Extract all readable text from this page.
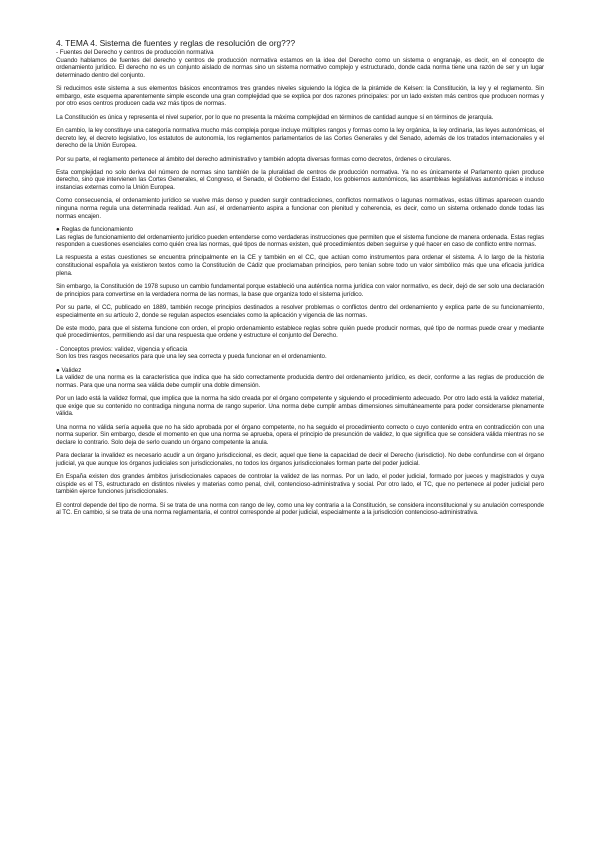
4. TEMA 4. Sistema de fuentes y reglas de resolución de org???

- Fuentes del Derecho y centros de producción normativa

Cuando hablamos de fuentes del derecho y centros de producción normativa estamos en la idea del Derecho como un sistema o engranaje, es decir, en el concepto de ordenamiento jurídico. El derecho no es un conjunto aislado de normas sino un sistema normativo complejo y estructurado, donde cada norma tiene una razón de ser y un lugar determinado dentro del conjunto.

Si reducimos este sistema a sus elementos básicos encontramos tres grandes niveles siguiendo la lógica de la pirámide de Kelsen: la Constitución, la ley y el reglamento. Sin embargo, este esquema aparentemente simple esconde una gran complejidad que se explica por dos razones principales: por un lado existen más centros que producen normas y por otro esos centros producen cada vez más tipos de normas.

La Constitución es única y representa el nivel superior, por lo que no presenta la máxima complejidad en términos de cantidad aunque sí en términos de jerarquía.

En cambio, la ley constituye una categoría normativa mucho más compleja porque incluye múltiples rangos y formas como la ley orgánica, la ley ordinaria, las leyes autonómicas, el decreto ley, el decreto legislativo, los estatutos de autonomía, los reglamentos parlamentarios de las Cortes Generales y del Senado, además de los tratados internacionales y el derecho de la Unión Europea.

Por su parte, el reglamento pertenece al ámbito del derecho administrativo y también adopta diversas formas como decretos, órdenes o circulares.

Esta complejidad no solo deriva del número de normas sino también de la pluralidad de centros de producción normativa. Ya no es únicamente el Parlamento quien produce derecho, sino que intervienen las Cortes Generales, el Congreso, el Senado, el Gobierno del Estado, los gobiernos autonómicos, las asambleas legislativas autonómicas e incluso instancias externas como la Unión Europea.

Como consecuencia, el ordenamiento jurídico se vuelve más denso y pueden surgir contradicciones, conflictos normativos o lagunas normativas, estas últimas aparecen cuando ninguna norma regula una determinada realidad. Aun así, el ordenamiento aspira a funcionar con plenitud y coherencia, es decir, como un sistema ordenado donde todas las normas encajen.

● Reglas de funcionamiento

Las reglas de funcionamiento del ordenamiento jurídico pueden entenderse como verdaderas instrucciones que permiten que el sistema funcione de manera ordenada. Estas reglas responden a cuestiones esenciales como quién crea las normas, qué tipos de normas existen, qué procedimientos deben seguirse y qué hacer en caso de conflicto entre normas.

La respuesta a estas cuestiones se encuentra principalmente en la CE y también en el CC, que actúan como instrumentos para ordenar el sistema. A lo largo de la historia constitucional española ya existieron textos como la Constitución de Cádiz que proclamaban principios, pero tenían sobre todo un valor simbólico más que una eficacia jurídica plena.

Sin embargo, la Constitución de 1978 supuso un cambio fundamental porque estableció una auténtica norma jurídica con valor normativo, es decir, dejó de ser solo una declaración de principios para convertirse en la verdadera norma de las normas, la base que organiza todo el sistema jurídico.

Por su parte, el CC, publicado en 1889, también recoge principios destinados a resolver problemas o conflictos dentro del ordenamiento y explica parte de su funcionamiento, especialmente en su artículo 2, donde se regulan aspectos esenciales como la aplicación y vigencia de las normas.

De este modo, para que el sistema funcione con orden, el propio ordenamiento establece reglas sobre quién puede producir normas, qué tipo de normas puede crear y mediante qué procedimientos, permitiendo así dar una respuesta que ordene y estructure el conjunto del Derecho.

- Conceptos previos: validez, vigencia y eficacia

Son los tres rasgos necesarios para que una ley sea correcta y pueda funcionar en el ordenamiento.

● Validez

La validez de una norma es la característica que indica que ha sido correctamente producida dentro del ordenamiento jurídico, es decir, conforme a las reglas de producción de normas. Para que una norma sea válida debe cumplir una doble dimensión.

Por un lado está la validez formal, que implica que la norma ha sido creada por el órgano competente y siguiendo el procedimiento adecuado. Por otro lado está la validez material, que exige que su contenido no contradiga ninguna norma de rango superior. Una norma debe cumplir ambas dimensiones simultáneamente para poder considerarse plenamente válida.

Una norma no válida sería aquella que no ha sido aprobada por el órgano competente, no ha seguido el procedimiento correcto o cuyo contenido entra en contradicción con una norma superior. Sin embargo, desde el momento en que una norma se aprueba, opera el principio de presunción de validez, lo que significa que se considera válida mientras no se declare lo contrario. Solo deja de serlo cuando un órgano competente la anula.

Para declarar la invalidez es necesario acudir a un órgano jurisdiccional, es decir, aquel que tiene la capacidad de decir el Derecho (iurisdictio). No debe confundirse con el órgano judicial, ya que aunque los órganos judiciales son jurisdiccionales, no todos los órganos jurisdiccionales forman parte del poder judicial.

En España existen dos grandes ámbitos jurisdiccionales capaces de controlar la validez de las normas. Por un lado, el poder judicial, formado por jueces y magistrados y cuya cúspide es el TS, estructurado en distintos niveles y materias como penal, civil, contencioso-administrativa y social. Por otro lado, el TC, que no pertenece al poder judicial pero también ejerce funciones jurisdiccionales.

El control depende del tipo de norma. Si se trata de una norma con rango de ley, como una ley contraria a la Constitución, se considera inconstitucional y su anulación corresponde al TC. En cambio, si se trata de una norma reglamentaria, el control corresponde al poder judicial, especialmente a la jurisdicción contencioso-administrativa.
